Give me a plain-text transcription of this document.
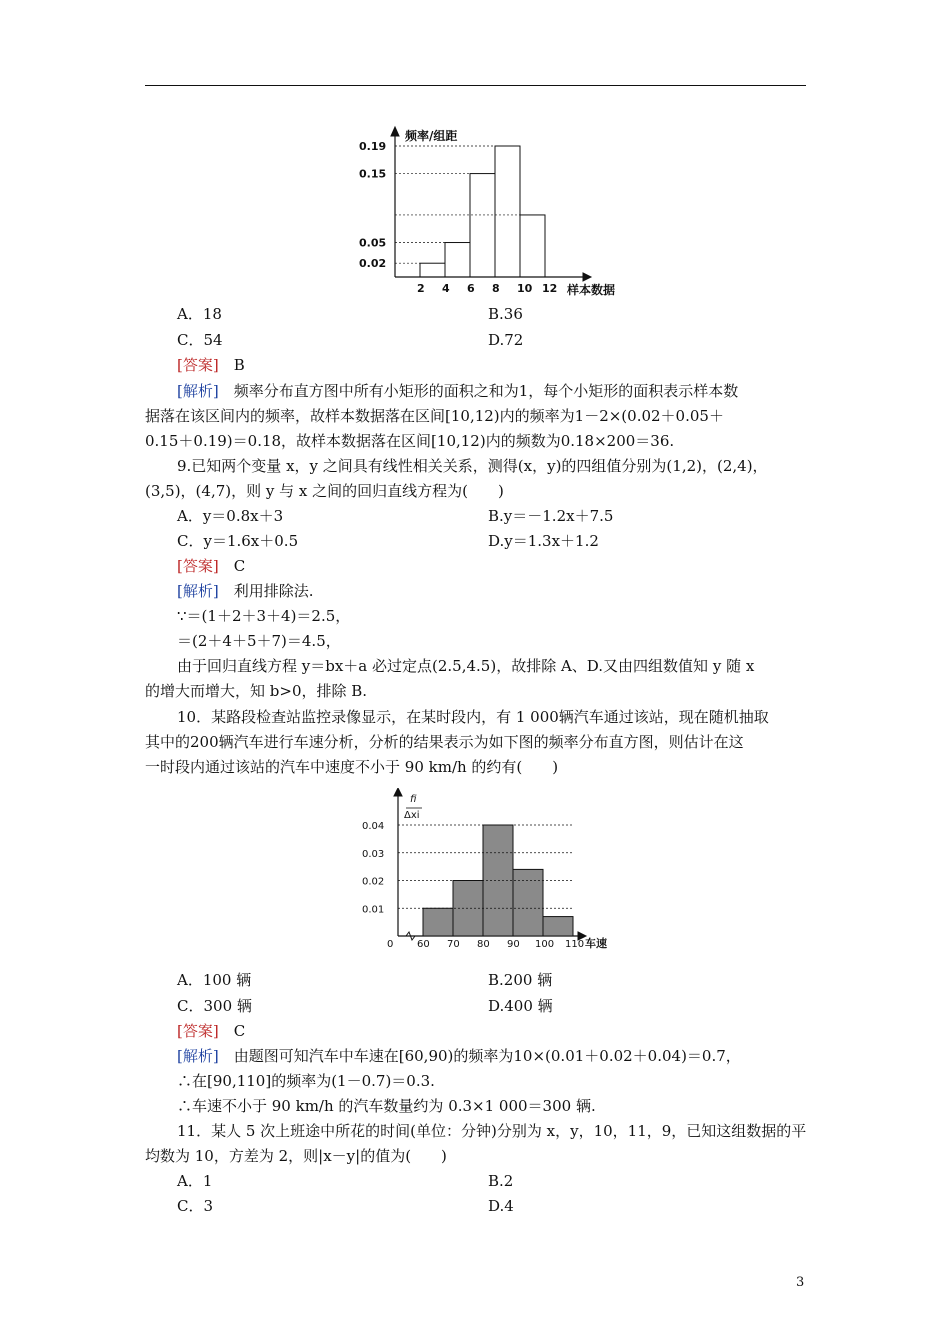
频率/组距
样本数据
2 4 6 8 10 12
0.19
0.15
0.05
0.02
A．18	B.36
C．54	D.72
[答案]　 B
[解析]　 频率分布直方图中所有小矩形的面积之和为1，每个小矩形的面积表示样本数
据落在该区间内的频率，故样本数据落在区间[10,12)内的频率为1－2×(0.02＋0.05＋
0.15＋0.19)＝0.18，故样本数据落在区间[10,12)内的频数为0.18×200＝36.
9.已知两个变量 x，y 之间具有线性相关关系，测得(x，y)的四组值分别为(1,2)，(2,4)，
(3,5)，(4,7)，则 y 与 x 之间的回归直线方程为(　　)
A．y＝0.8x＋3	B.y＝－1.2x＋7.5
C．y＝1.6x＋0.5	D.y＝1.3x＋1.2
[答案]　 C
[解析]　 利用排除法.
∵＝(1＋2＋3＋4)＝2.5，
＝(2＋4＋5＋7)＝4.5，
由于回归直线方程 y＝bx＋a 必过定点(2.5,4.5)，故排除 A、D.又由四组数值知 y 随 x
的增大而增大，知 b>0，排除 B.
10．某路段检查站监控录像显示，在某时段内，有 1 000辆汽车通过该站，现在随机抽取
其中的200辆汽车进行车速分析，分析的结果表示为如下图的频率分布直方图，则估计在这
一时段内通过该站的汽车中速度不小于 90 km/h 的约有(　　)
fi
Δxi
0	车速
0.04
0.03
0.02
0.01
60 70 80 90 100 110
A．100 辆	B.200 辆
C．300 辆	D.400 辆
[答案]　 C
[解析]　 由题图可知汽车中车速在[60,90)的频率为10×(0.01＋0.02＋0.04)＝0.7，
∴在[90,110]的频率为(1－0.7)＝0.3.
∴车速不小于 90 km/h 的汽车数量约为 0.3×1 000＝300 辆.
11．某人 5 次上班途中所花的时间(单位：分钟)分别为 x，y，10，11，9，已知这组数据的平
均数为 10，方差为 2，则|x－y|的值为(　　)
A．1	B.2
C．3	D.4
3
